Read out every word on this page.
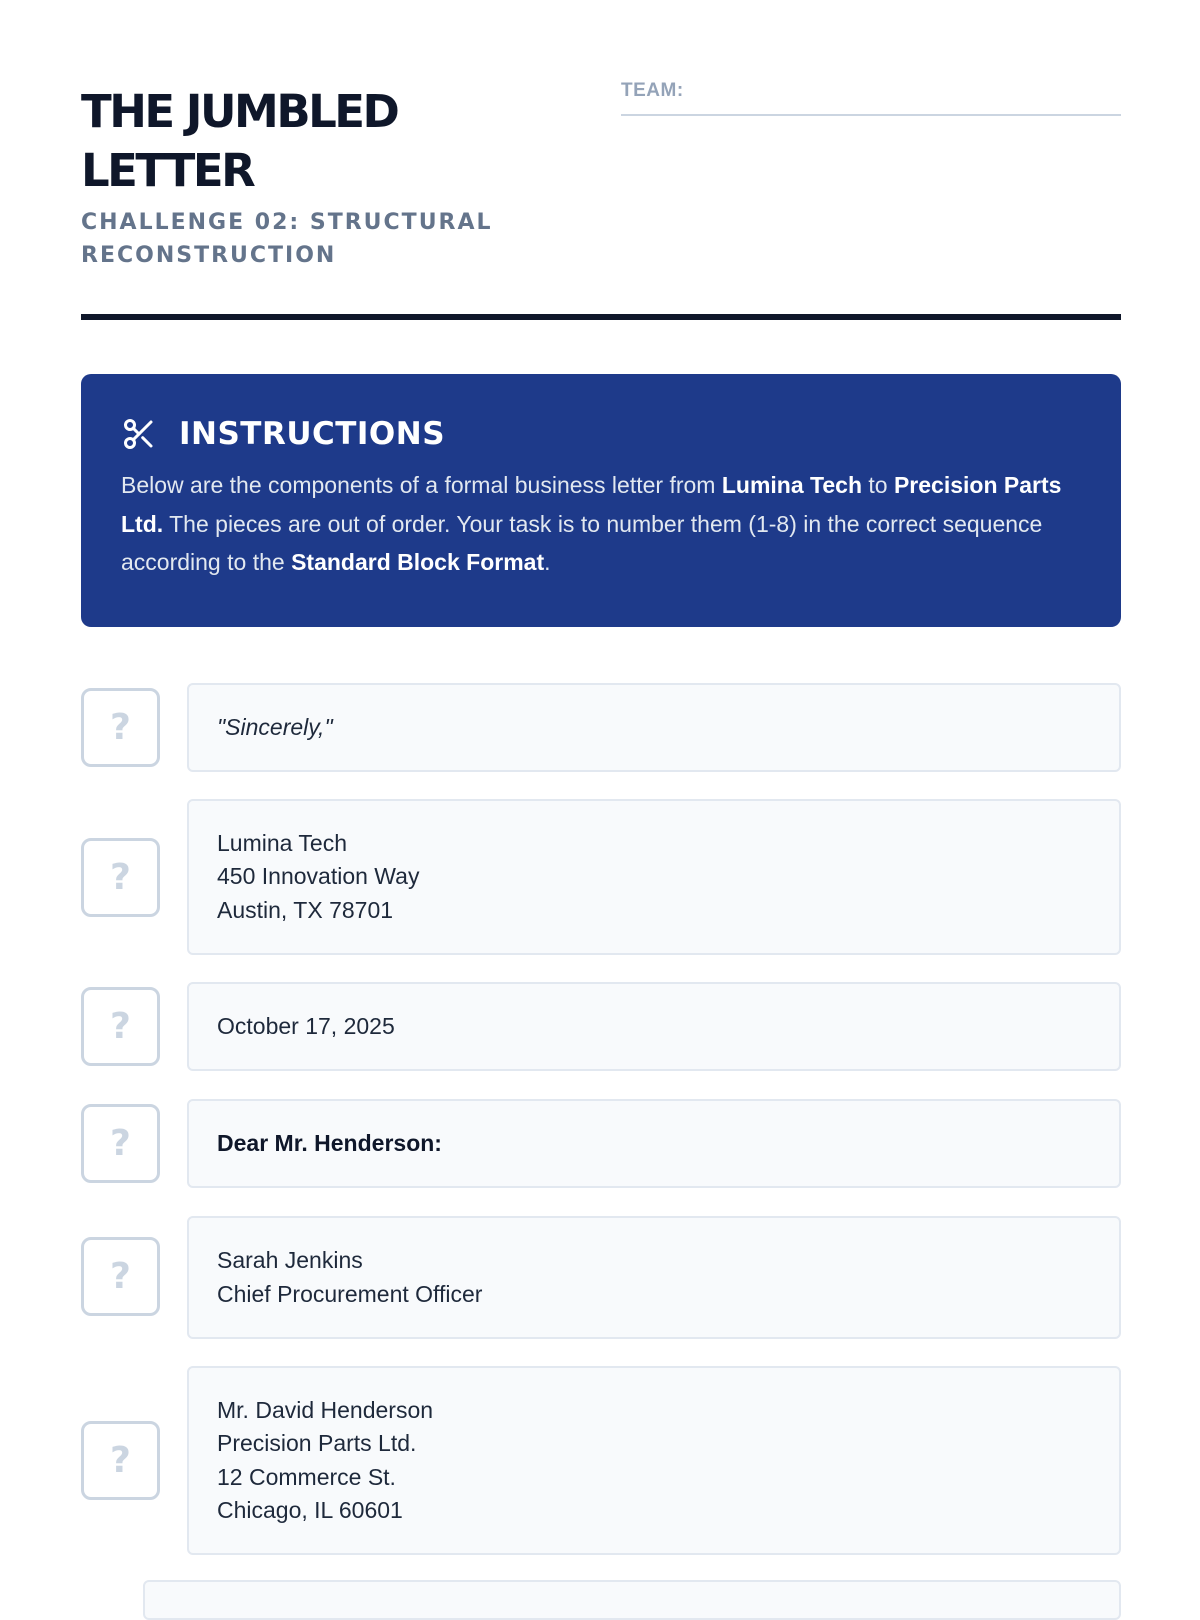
THE JUMBLED LETTER
CHALLENGE 02: STRUCTURAL RECONSTRUCTION
TEAM:
INSTRUCTIONS

Below are the components of a formal business letter from Lumina Tech to Precision Parts Ltd. The pieces are out of order. Your task is to number them (1-8) in the correct sequence according to the Standard Block Format.

?	"Sincerely,"
?
Lumina Tech
450 Innovation Way
Austin, TX 78701
?	October 17, 2025
?	Dear Mr. Henderson:
?	Sarah Jenkins
Chief Procurement Officer
?
Mr. David Henderson
Precision Parts Ltd.
12 Commerce St.
Chicago, IL 60601
